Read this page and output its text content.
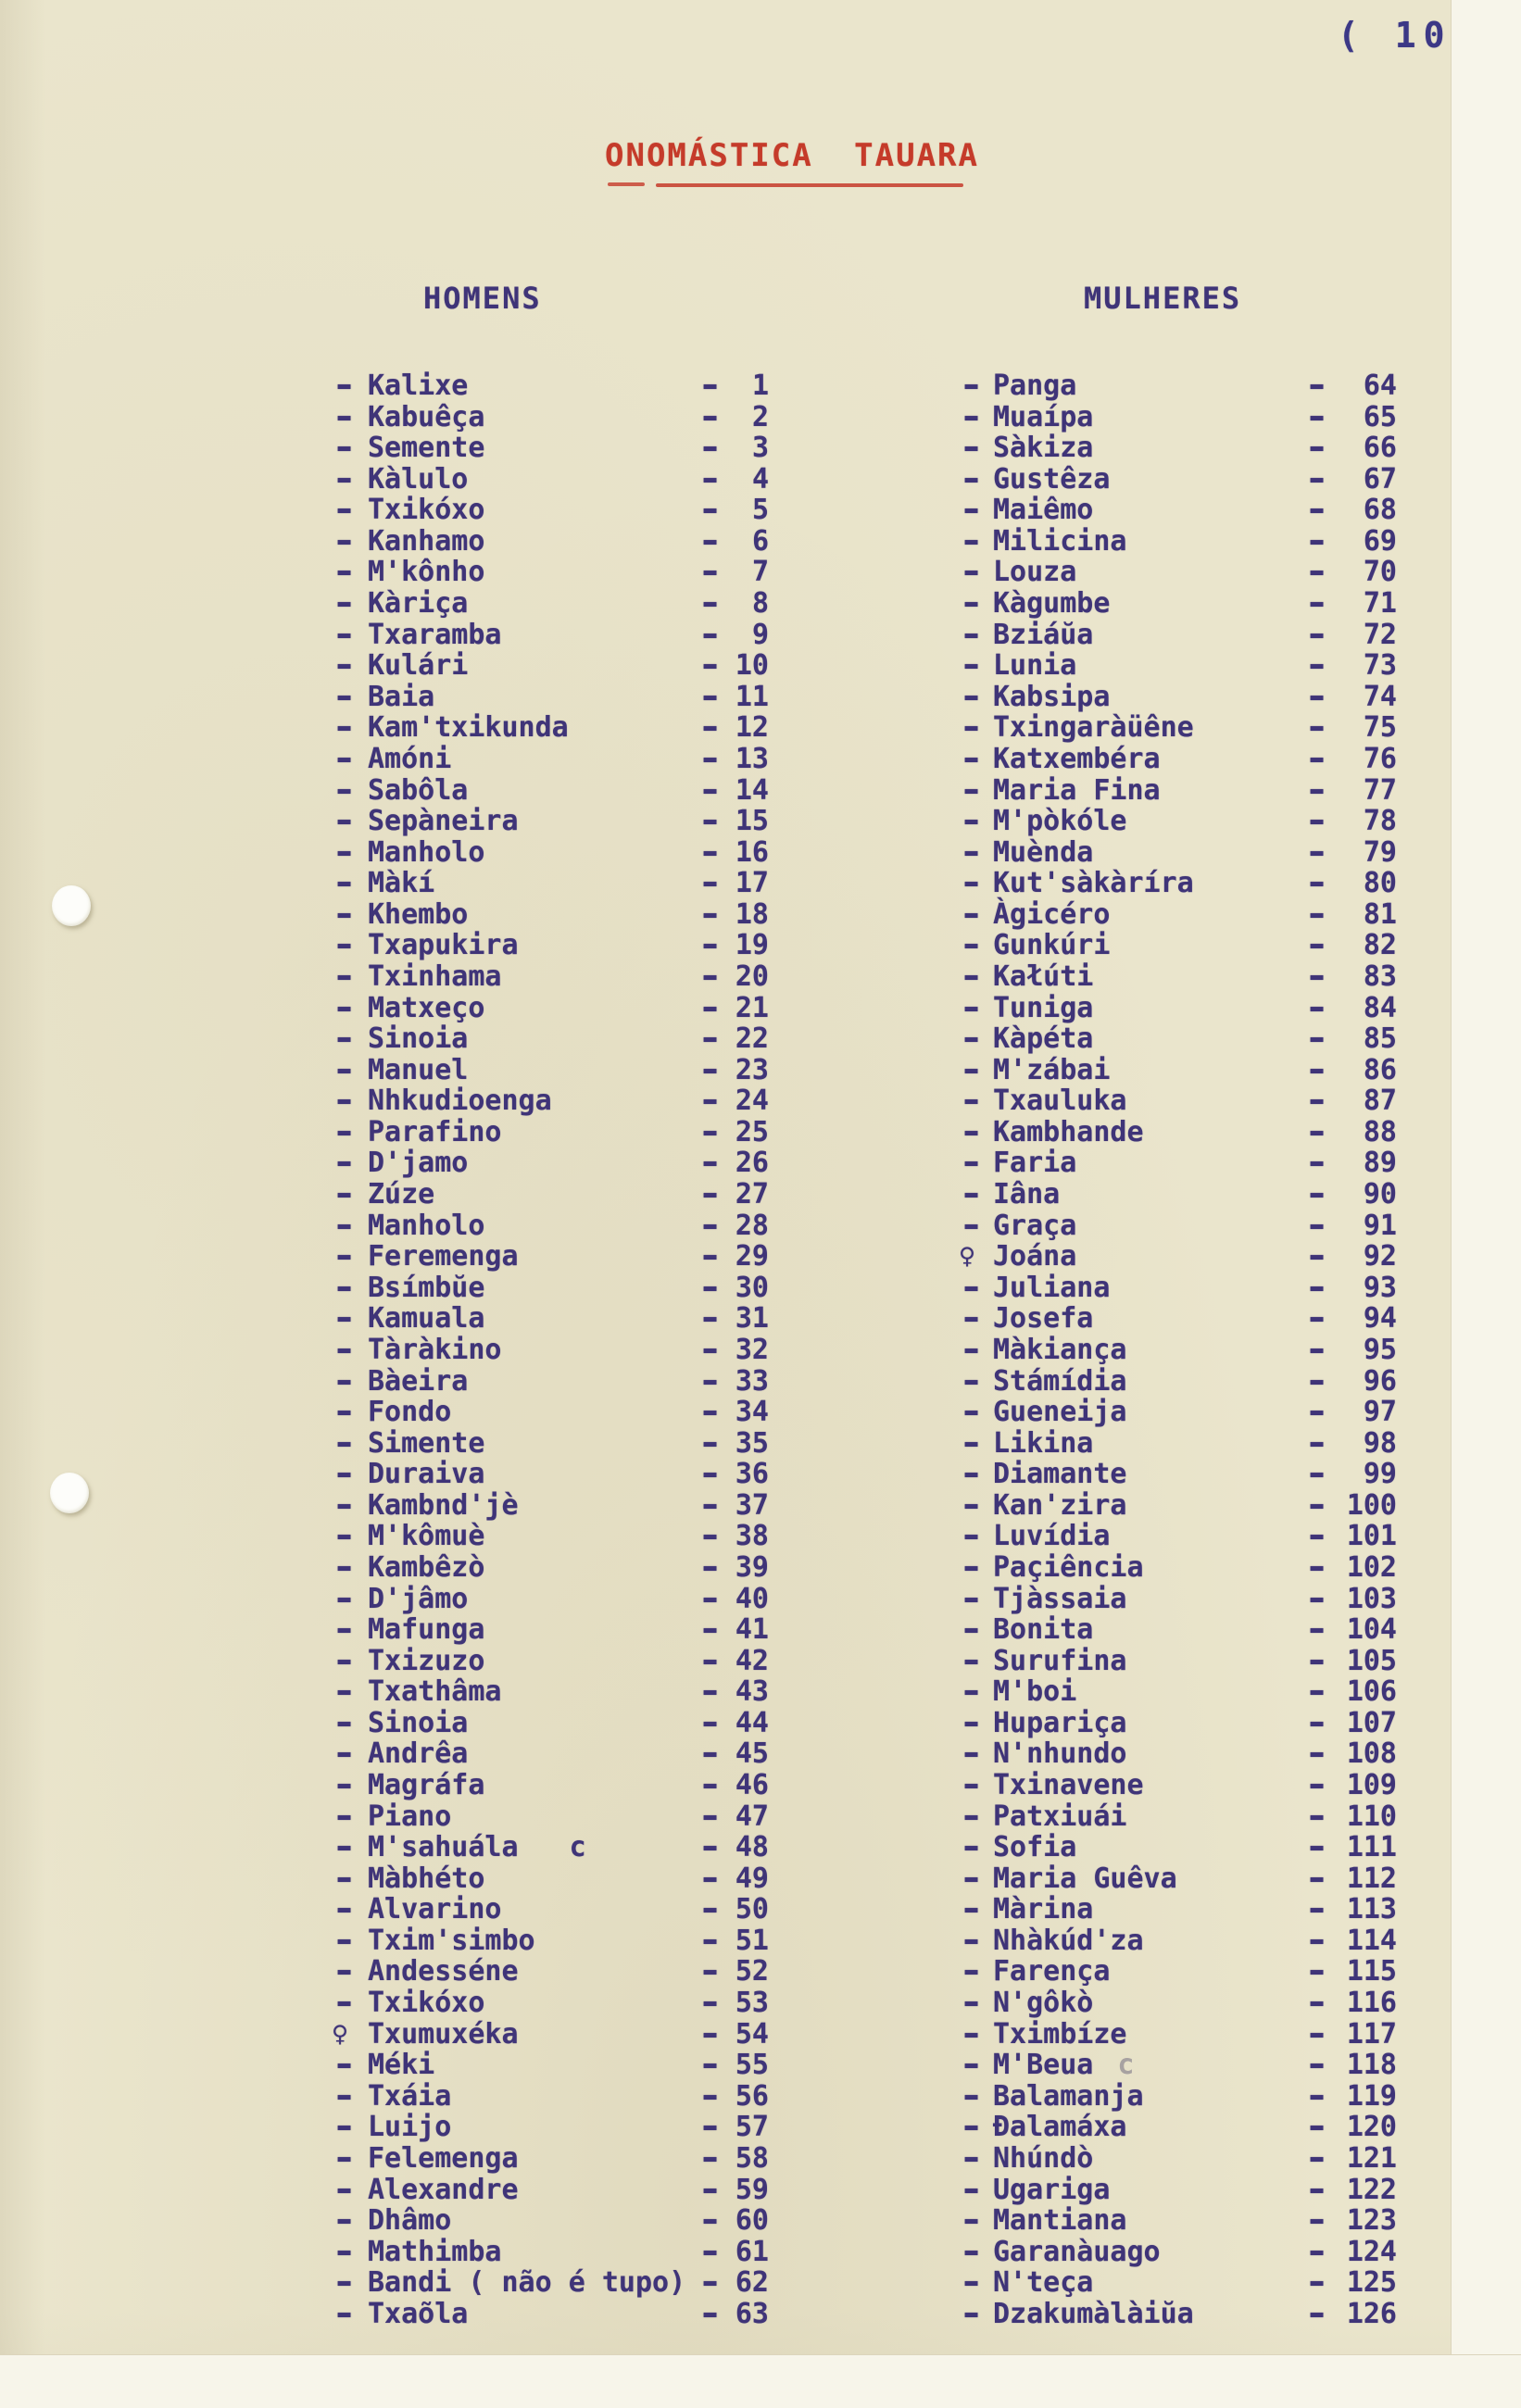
( 10
ONOMÁSTICA TAUARA
HOMENS	MULHERES
- Kalixe	-	1
- Kabuêça	-	2
- Semente	-	3
- Kàlulo	-	4
- Txikóxo	-	5
- Kanhamo	-	6
- M'kônho	-	7
- Kàriça	-	8
- Txaramba	-	9
- Kulári	- 10
- Baia	- 11
- Kam'txikunda	- 12
- Amóni	- 13
- Sabôla	- 14
- Sepàneira	- 15
- Manholo	- 16
- Màkí	- 17
- Khembo	- 18
- Txapukira	- 19
- Txinhama	- 20
- Matxeço	- 21
- Sinoia	- 22
- Manuel	- 23
- Nhkudioenga	- 24
- Parafino	- 25
- D'jamo	- 26
- Zúze	- 27
- Manholo	- 28
- Feremenga	- 29
- Bsímbŭe	- 30
- Kamuala	- 31
- Tàràkino	- 32
- Bàeira	- 33
- Fondo	- 34
- Simente	- 35
- Duraiva	- 36
- Kambnd'jè	- 37
- M'kômuè	- 38
- Kambêzò	- 39
- D'jâmo	- 40
- Mafunga	- 41
- Txizuzo	- 42
- Txathâma	- 43
- Sinoia	- 44
- Andrêa	- 45
- Magráfa	- 46
- Piano	- 47
- M'sahuála c	- 48
- Màbhéto	- 49
- Alvarino	- 50
- Txim'simbo	- 51
- Andesséne	- 52
- Txikóxo	- 53
♀ Txumuxéka	- 54
- Méki	- 55
- Txáia	- 56
- Luijo	- 57
- Felemenga	- 58
- Alexandre	- 59
- Dhâmo	- 60
- Mathimba	- 61
- Bandi ( não é tupo) - 62
- Txaõla	- 63
- Panga	-	64
- Muaípa	-	65
- Sàkiza	-	66
- Gustêza	-	67
- Maiêmo	-	68
- Milicina	-	69
- Louza	-	70
- Kàgumbe	-	71
- Bziáŭa	-	72
- Lunia	-	73
- Kabsipa	-	74
- Txingaràüêne	-	75
- Katxembéra	-	76
- Maria Fina	-	77
- M'pòkóle	-	78
- Muènda	-	79
- Kut'sàkàríra	-	80
- Àgicéro	-	81
- Gunkúri	-	82
- Kałúti	-	83
- Tuniga	-	84
- Kàpéta	-	85
- M'zábai	-	86
- Txauluka	-	87
- Kambhande	-	88
- Faria	-	89
- Iâna	-	90
- Graça	-	91
♀ Joána	-	92
- Juliana	-	93
- Josefa	-	94
- Màkiança	-	95
- Stámídia	-	96
- Gueneija	-	97
- Likina	-	98
- Diamante	-	99
- Kan'zira	- 100
- Luvídia	- 101
- Paçiência	- 102
- Tjàssaia	- 103
- Bonita	- 104
- Surufina	- 105
- M'boi	- 106
- Hupariça	- 107
- N'nhundo	- 108
- Txinavene	- 109
- Patxiuái	- 110
- Sofia	- 111
- Maria Guêva	- 112
- Màrina	- 113
- Nhàkúd'za	- 114
- Farença	- 115
- N'gôkò	- 116
- Tximbíze	- 117
- M'Beua c	- 118
- Balamanja	- 119
- Ðalamáxa	- 120
- Nhúndò	- 121
- Ugariga	- 122
- Mantiana	- 123
- Garanàuago	- 124
- N'teça	- 125
- Dzakumàlàiŭa	- 126
